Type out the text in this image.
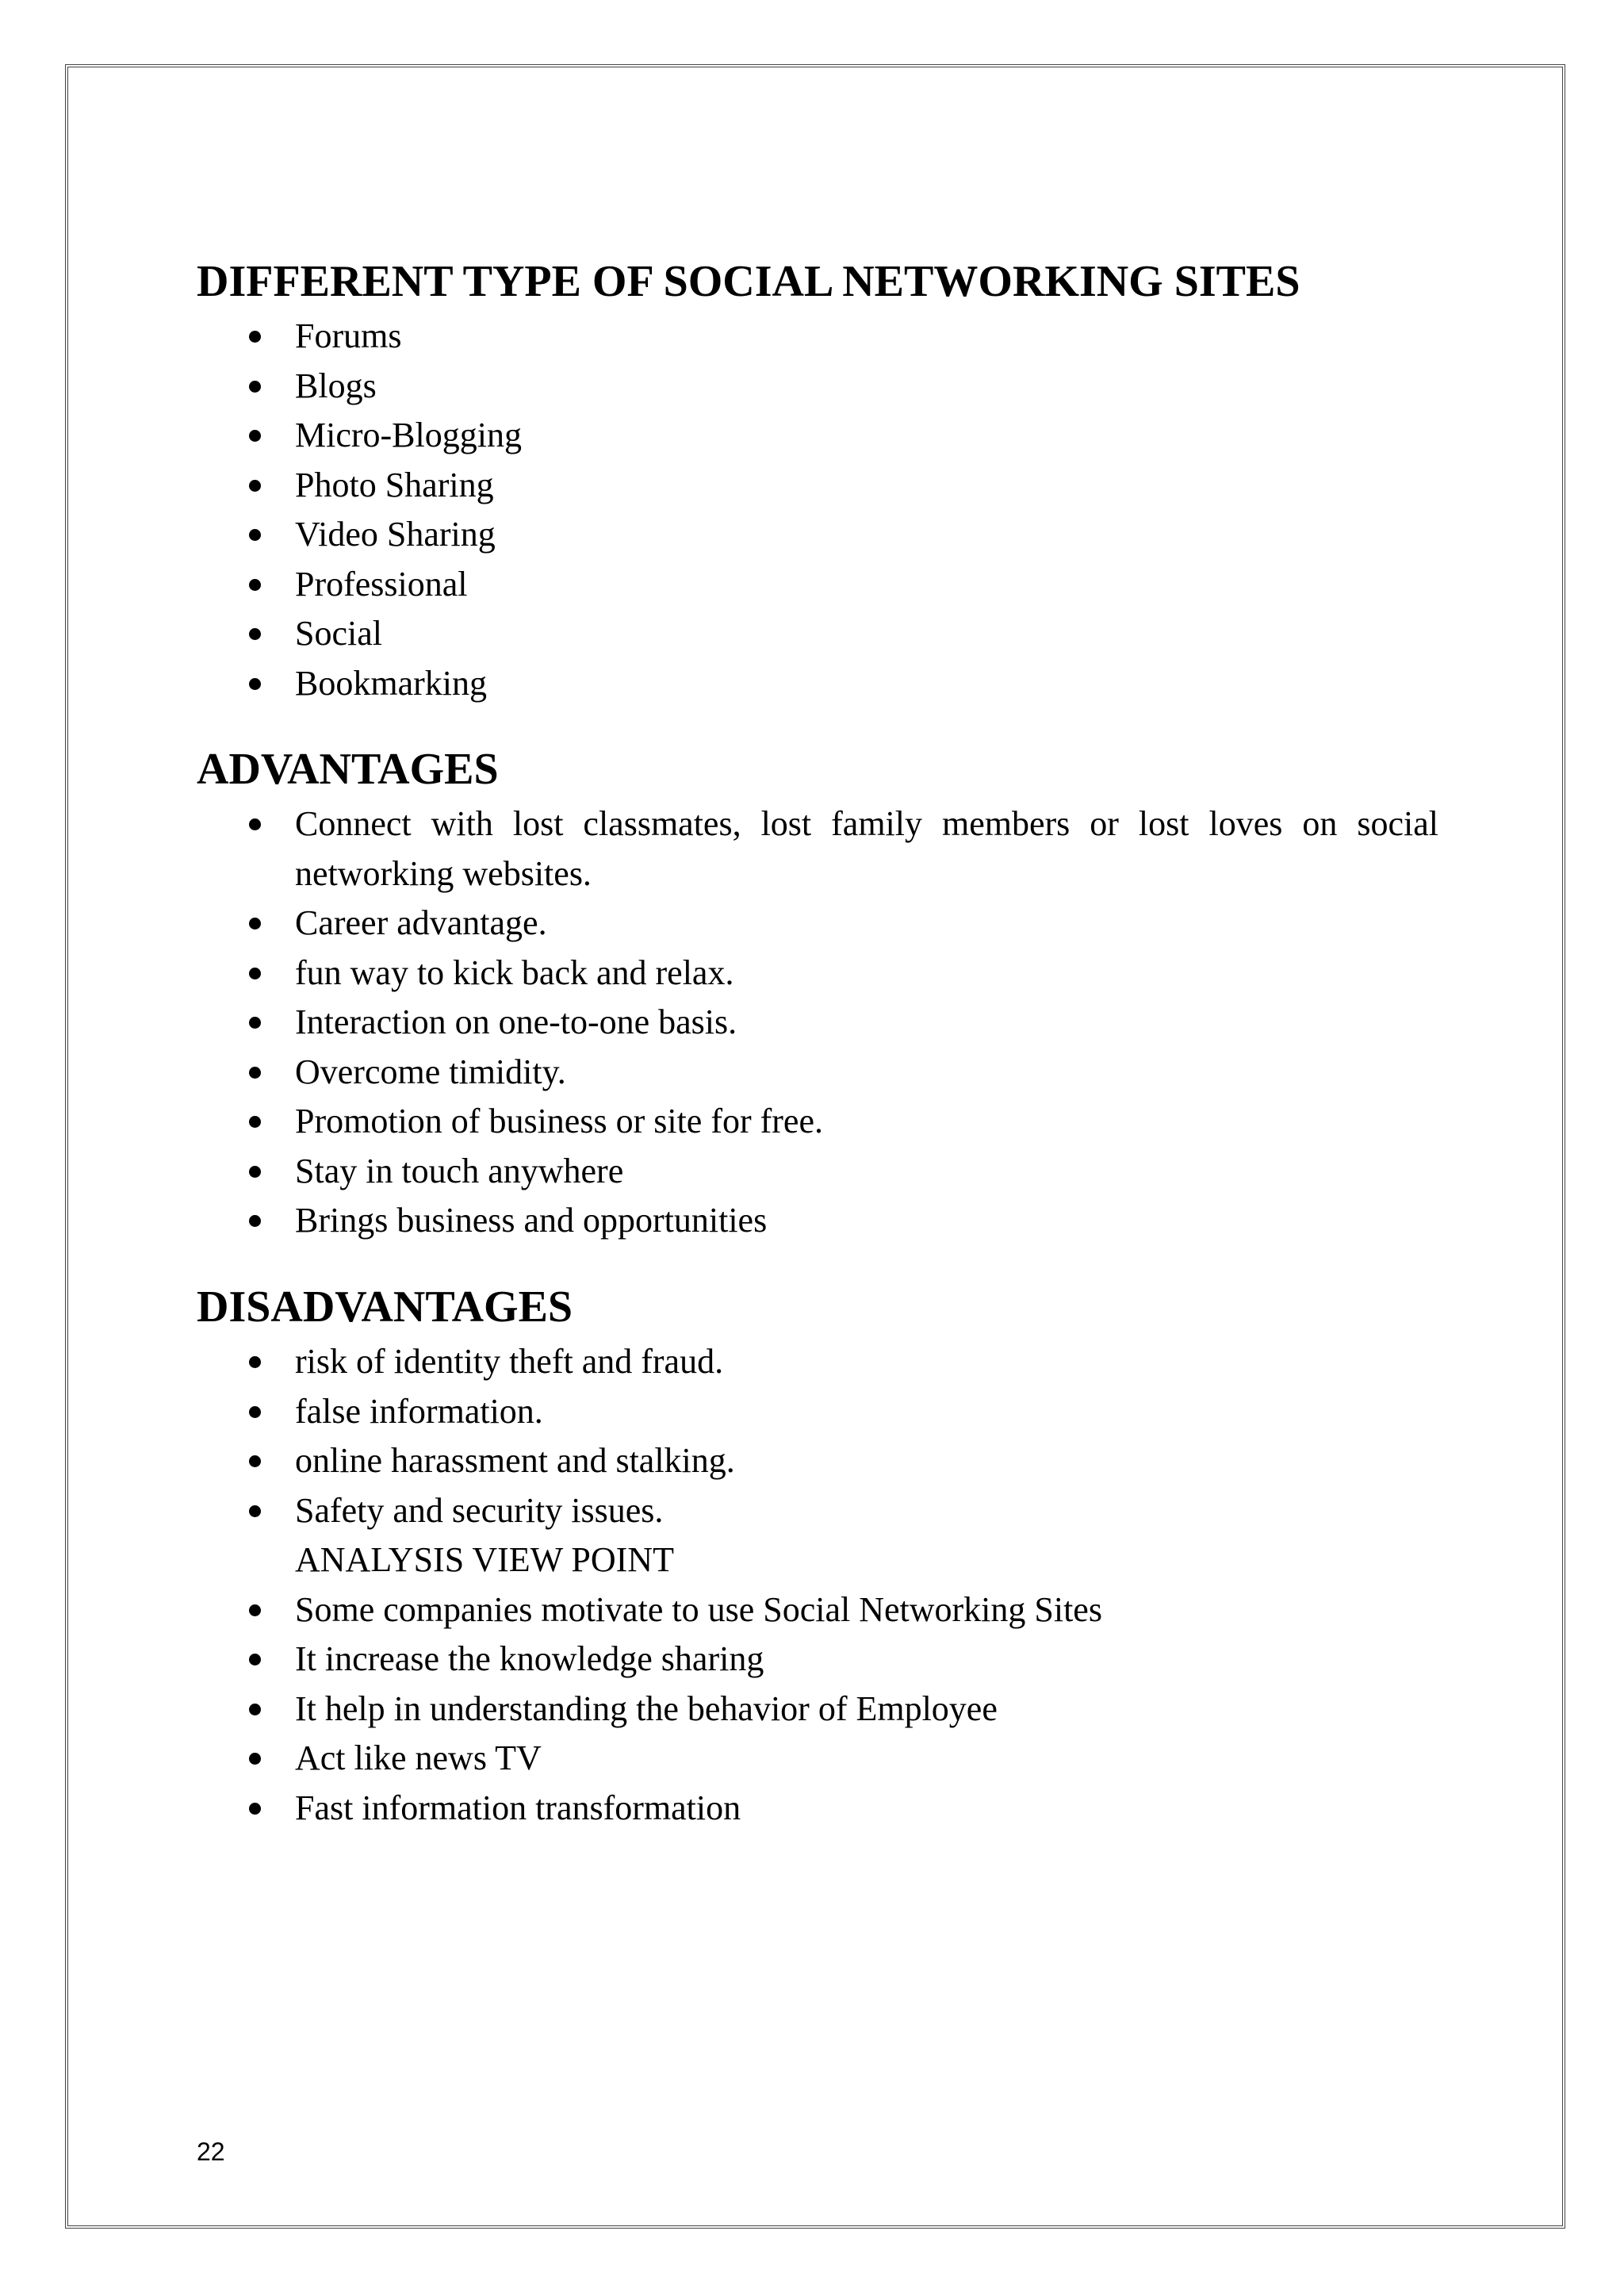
DIFFERENT TYPE OF SOCIAL NETWORKING SITES
Forums
Blogs
Micro-Blogging
Photo Sharing
Video Sharing
Professional
Social
Bookmarking
ADVANTAGES
Connect with lost classmates, lost family members or lost loves on social networking websites.
Career advantage.
fun way to kick back and relax.
Interaction on one-to-one basis.
Overcome timidity.
Promotion of business or site for free.
Stay in touch anywhere
Brings business and opportunities
DISADVANTAGES
risk of identity theft and fraud.
false information.
online harassment and stalking.
Safety and security issues.
ANALYSIS VIEW POINT
Some companies motivate to use Social Networking Sites
It increase the knowledge sharing
It help in understanding the behavior of Employee
Act like news TV
Fast information transformation
22
